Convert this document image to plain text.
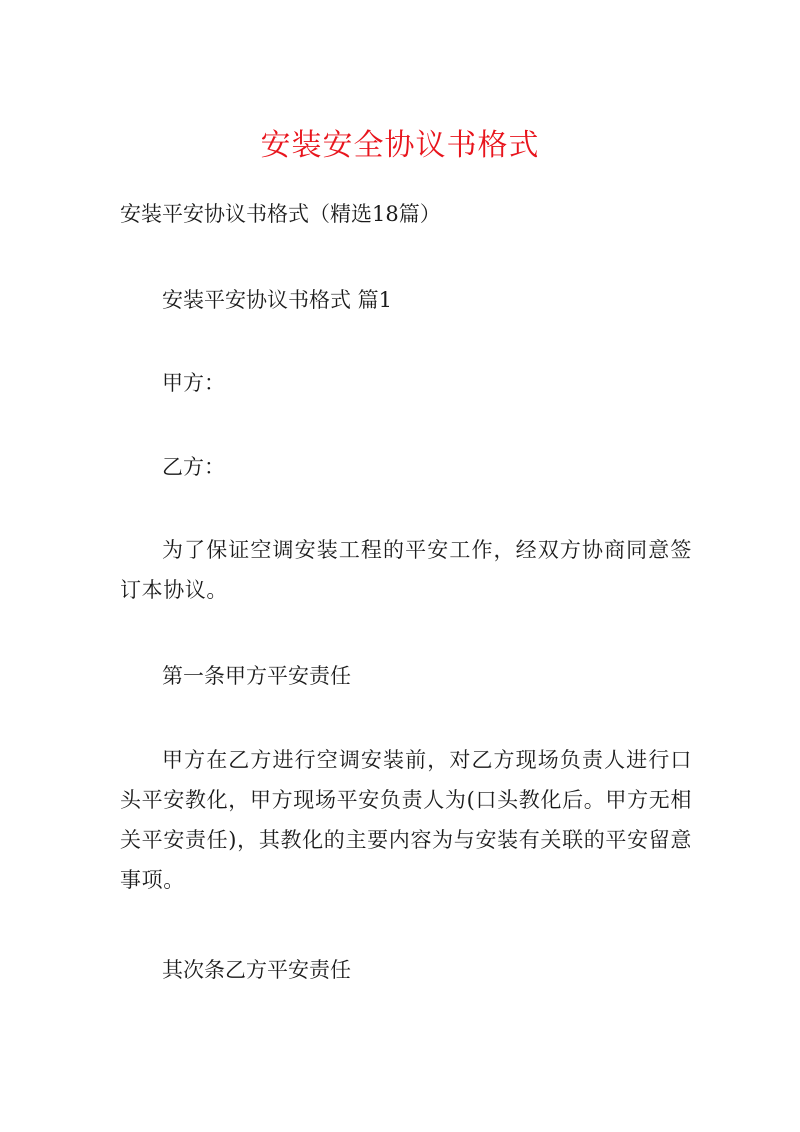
安装安全协议书格式

安装平安协议书格式（精选18篇）

安装平安协议书格式 篇1

甲方：

乙方：

为了保证空调安装工程的平安工作，经双方协商同意签订本协议。

第一条甲方平安责任

甲方在乙方进行空调安装前，对乙方现场负责人进行口头平安教化，甲方现场平安负责人为(口头教化后。甲方无相关平安责任)，其教化的主要内容为与安装有关联的平安留意事项。

其次条乙方平安责任
